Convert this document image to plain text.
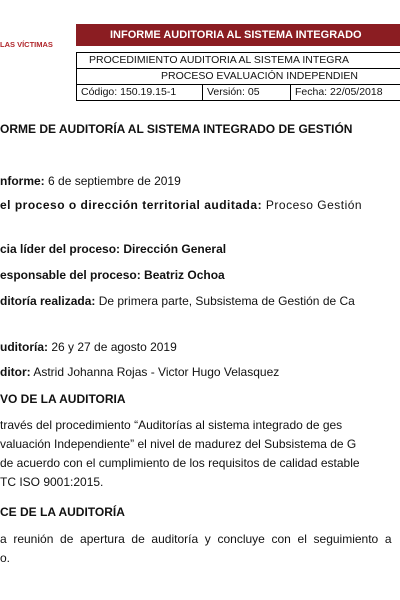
LAS VÍCTIMAS
INFORME AUDITORIA AL SISTEMA INTEGRADO
PROCEDIMIENTO AUDITORIA AL SISTEMA INTEGRA
PROCESO EVALUACIÓN INDEPENDIEN
Código: 150.19.15-1	Versión: 05	Fecha: 22/05/2018
ORME DE AUDITORÍA AL SISTEMA INTEGRADO DE GESTIÓN
nforme: 6 de septiembre de 2019
el proceso o dirección territorial auditada: Proceso Gestión
cia líder del proceso: Dirección General
esponsable del proceso: Beatriz Ochoa
ditoría realizada: De primera parte, Subsistema de Gestión de Ca
uditoría: 26 y 27 de agosto 2019
ditor: Astrid Johanna Rojas - Victor Hugo Velasquez
VO DE LA AUDITORIA
través del procedimiento “Auditorías al sistema integrado de ges
valuación Independiente” el nivel de madurez del Subsistema de G
de acuerdo con el cumplimiento de los requisitos de calidad estable
TC ISO 9001:2015.
CE DE LA AUDITORÍA
a  reunión  de  apertura  de  auditoría  y  concluye  con  el  seguimiento  a
o.
